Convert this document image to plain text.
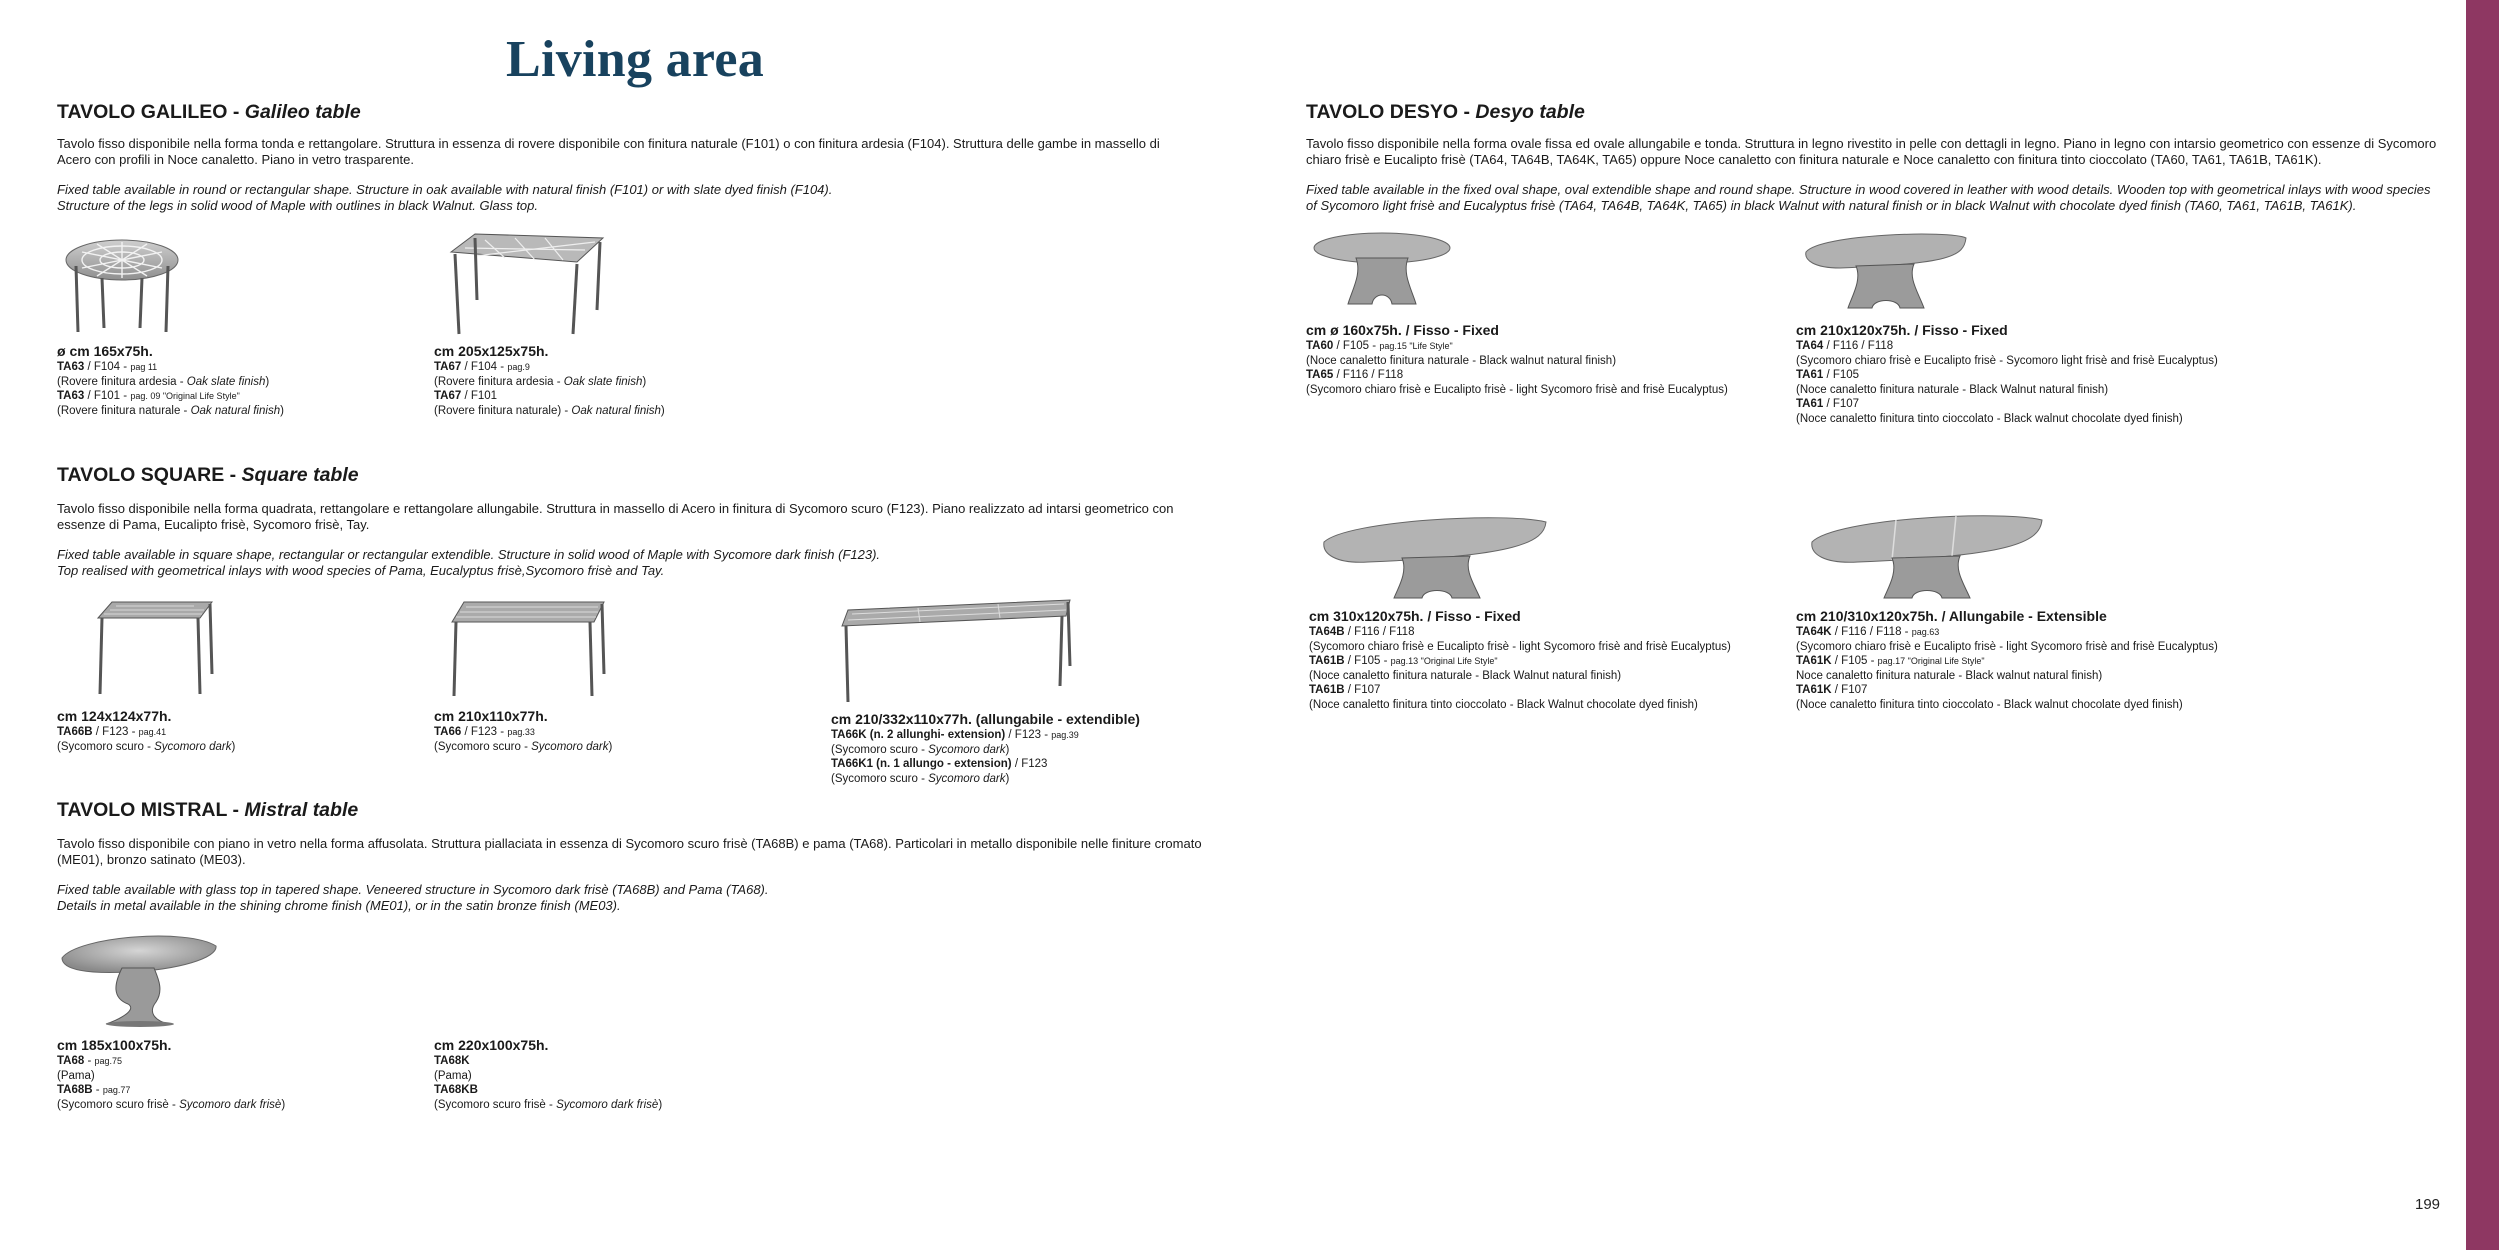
Living area
199
TAVOLO GALILEO - Galileo table

Tavolo fisso disponibile nella forma tonda e rettangolare. Struttura in essenza di rovere disponibile con finitura naturale (F101) o con finitura ardesia (F104). Struttura delle gambe in massello di Acero con profili in Noce canaletto. Piano in vetro trasparente.

Fixed table available in round or rectangular shape. Structure in oak available with natural finish (F101) or with slate dyed finish (F104).

Structure of the legs in solid wood of Maple with outlines in black Walnut. Glass top.

ø cm 165x75h.
TA63 / F104 - pag 11
(Rovere finitura ardesia - Oak slate finish)
TA63 / F101 - pag. 09 "Original Life Style"
(Rovere finitura naturale - Oak natural finish)
cm 205x125x75h.
TA67 / F104 - pag.9
(Rovere finitura ardesia - Oak slate finish)
TA67 / F101
(Rovere finitura naturale) - Oak natural finish)
TAVOLO SQUARE - Square table

Tavolo fisso disponibile nella forma quadrata, rettangolare e rettangolare allungabile. Struttura in massello di Acero in finitura di Sycomoro scuro (F123). Piano realizzato ad intarsi geometrico con essenze di Pama, Eucalipto frisè, Sycomoro frisè, Tay.

Fixed table available in square shape, rectangular or rectangular extendible. Structure in solid wood of Maple with Sycomore dark finish (F123).

Top realised with geometrical inlays with wood species of Pama, Eucalyptus frisè,Sycomoro frisè and Tay.

cm 124x124x77h.
TA66B / F123 - pag.41
(Sycomoro scuro - Sycomoro dark)
cm 210x110x77h.
TA66 / F123 - pag.33
(Sycomoro scuro - Sycomoro dark)
cm 210/332x110x77h. (allungabile - extendible)
TA66K (n. 2 allunghi- extension) / F123 - pag.39
(Sycomoro scuro - Sycomoro dark)
TA66K1 (n. 1 allungo - extension) / F123
(Sycomoro scuro - Sycomoro dark)
TAVOLO MISTRAL - Mistral table

Tavolo fisso disponibile con piano in vetro nella forma affusolata. Struttura piallaciata in essenza di Sycomoro scuro frisè (TA68B) e pama (TA68). Particolari in metallo disponibile nelle finiture cromato (ME01), bronzo satinato (ME03).

Fixed table available with glass top in tapered shape. Veneered structure in Sycomoro dark frisè (TA68B) and Pama (TA68).

Details in metal available in the shining chrome finish (ME01), or in the satin bronze finish (ME03).

cm 185x100x75h.
TA68 - pag.75
(Pama)
TA68B - pag.77
(Sycomoro scuro frisè - Sycomoro dark frisè)
cm 220x100x75h.
TA68K
(Pama)
TA68KB
(Sycomoro scuro frisè - Sycomoro dark frisè)
TAVOLO DESYO - Desyo table

Tavolo fisso disponibile nella forma ovale fissa ed ovale allungabile e tonda. Struttura in legno rivestito in pelle con dettagli in legno. Piano in legno con intarsio geometrico con essenze di Sycomoro chiaro frisè e Eucalipto frisè (TA64, TA64B, TA64K, TA65) oppure Noce canaletto con finitura naturale e Noce canaletto con finitura tinto cioccolato (TA60, TA61, TA61B, TA61K).

Fixed table available in the fixed oval shape, oval extendible shape and round shape. Structure in wood covered in leather with wood details. Wooden top with geometrical inlays with wood species of Sycomoro light frisè and Eucalyptus frisè (TA64, TA64B, TA64K, TA65) in black Walnut with natural finish or in black Walnut with chocolate dyed finish (TA60, TA61, TA61B, TA61K).

cm ø 160x75h. / Fisso - Fixed
TA60 / F105 - pag.15 "Life Style"
(Noce canaletto finitura naturale - Black walnut natural finish)
TA65 / F116 / F118
(Sycomoro chiaro frisè e Eucalipto frisè - light Sycomoro frisè and frisè Eucalyptus)
cm 210x120x75h. / Fisso - Fixed
TA64 / F116 / F118
(Sycomoro chiaro frisè e Eucalipto frisè - Sycomoro light frisè and frisè Eucalyptus)
TA61 / F105
(Noce canaletto finitura naturale - Black Walnut natural finish)
TA61 / F107
(Noce canaletto finitura tinto cioccolato - Black walnut chocolate dyed finish)
cm 310x120x75h. / Fisso - Fixed
TA64B / F116 / F118
(Sycomoro chiaro frisè e Eucalipto frisè - light Sycomoro frisè and frisè Eucalyptus)
TA61B / F105 - pag.13 "Original Life Style"
(Noce canaletto finitura naturale - Black Walnut natural finish)
TA61B / F107
(Noce canaletto finitura tinto cioccolato - Black Walnut chocolate dyed finish)
cm 210/310x120x75h. / Allungabile - Extensible
TA64K / F116 / F118 - pag.63
(Sycomoro chiaro frisè e Eucalipto frisè - light Sycomoro frisè and frisè Eucalyptus)
TA61K / F105 - pag.17 "Original Life Style"
Noce canaletto finitura naturale - Black walnut natural finish)
TA61K / F107
(Noce canaletto finitura tinto cioccolato - Black walnut chocolate dyed finish)
